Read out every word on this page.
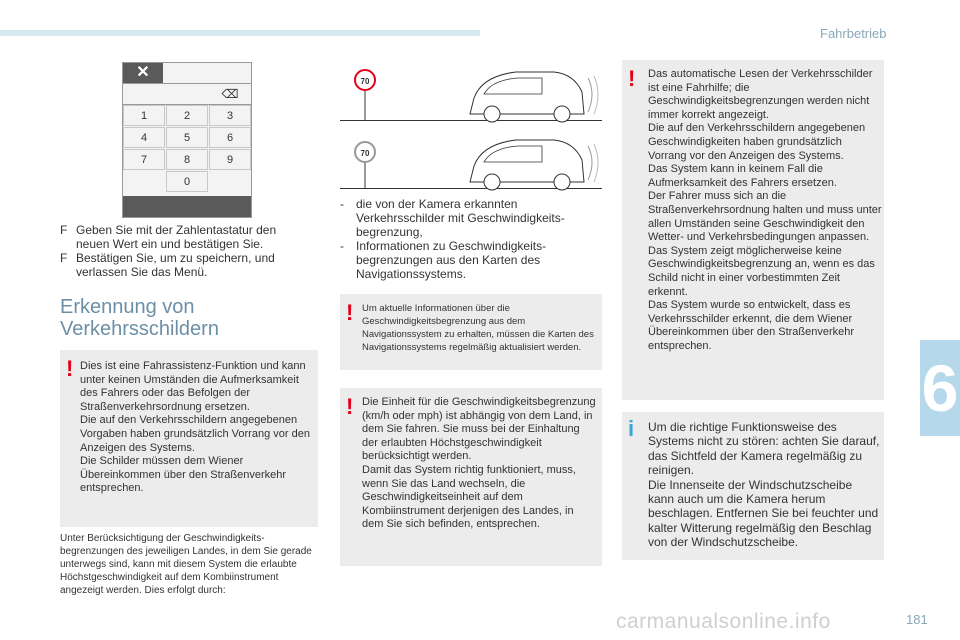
Fahrbetrieb
6
✕
⌫
1	2	3
4	5	6
7	8	9
0
F Geben Sie mit der Zahlentastatur den neuen Wert ein und bestätigen Sie.
F Bestätigen Sie, um zu speichern, und verlassen Sie das Menü.
Erkennung von
Verkehrsschildern
! Dies ist eine Fahrassistenz-Funktion und kann unter keinen Umständen die Aufmerksamkeit des Fahrers oder das Befolgen der Straßenverkehrsordnung ersetzen.
Die auf den Verkehrsschildern angegebenen Vorgaben haben grundsätzlich Vorrang vor den Anzeigen des Systems.
Die Schilder müssen dem Wiener Übereinkommen über den Straßenverkehr entsprechen.
Unter Berücksichtigung der Geschwindigkeits-begrenzungen des jeweiligen Landes, in dem Sie gerade unterwegs sind, kann mit diesem System die erlaubte Höchstgeschwindigkeit auf dem Kombiinstrument angezeigt werden. Dies erfolgt durch:
70
70
- die von der Kamera erkannten Verkehrsschilder mit Geschwindigkeits-begrenzung,
- Informationen zu Geschwindigkeits-begrenzungen aus den Karten des Navigationssystems.
! Um aktuelle Informationen über die Geschwindigkeitsbegrenzung aus dem Navigationssystem zu erhalten, müssen die Karten des Navigationssystems regelmäßig aktualisiert werden.
! Die Einheit für die Geschwindigkeitsbegrenzung (km/h oder mph) ist abhängig von dem Land, in dem Sie fahren. Sie muss bei der Einhaltung der erlaubten Höchstgeschwindigkeit berücksichtigt werden.
Damit das System richtig funktioniert, muss, wenn Sie das Land wechseln, die Geschwindigkeitseinheit auf dem Kombiinstrument derjenigen des Landes, in dem Sie sich befinden, entsprechen.
! Das automatische Lesen der Verkehrsschilder ist eine Fahrhilfe; die Geschwindigkeitsbegrenzungen werden nicht immer korrekt angezeigt.
Die auf den Verkehrsschildern angegebenen Geschwindigkeiten haben grundsätzlich Vorrang vor den Anzeigen des Systems.
Das System kann in keinem Fall die Aufmerksamkeit des Fahrers ersetzen.
Der Fahrer muss sich an die Straßenverkehrsordnung halten und muss unter allen Umständen seine Geschwindigkeit den Wetter- und Verkehrsbedingungen anpassen.
Das System zeigt möglicherweise keine Geschwindigkeitsbegrenzung an, wenn es das Schild nicht in einer vorbestimmten Zeit erkennt.
Das System wurde so entwickelt, dass es Verkehrsschilder erkennt, die dem Wiener Übereinkommen über den Straßenverkehr entsprechen.
i Um die richtige Funktionsweise des Systems nicht zu stören: achten Sie darauf, das Sichtfeld der Kamera regelmäßig zu reinigen.
Die Innenseite der Windschutzscheibe kann auch um die Kamera herum beschlagen. Entfernen Sie bei feuchter und kalter Witterung regelmäßig den Beschlag von der Windschutzscheibe.
carmanualsonline.info	181
